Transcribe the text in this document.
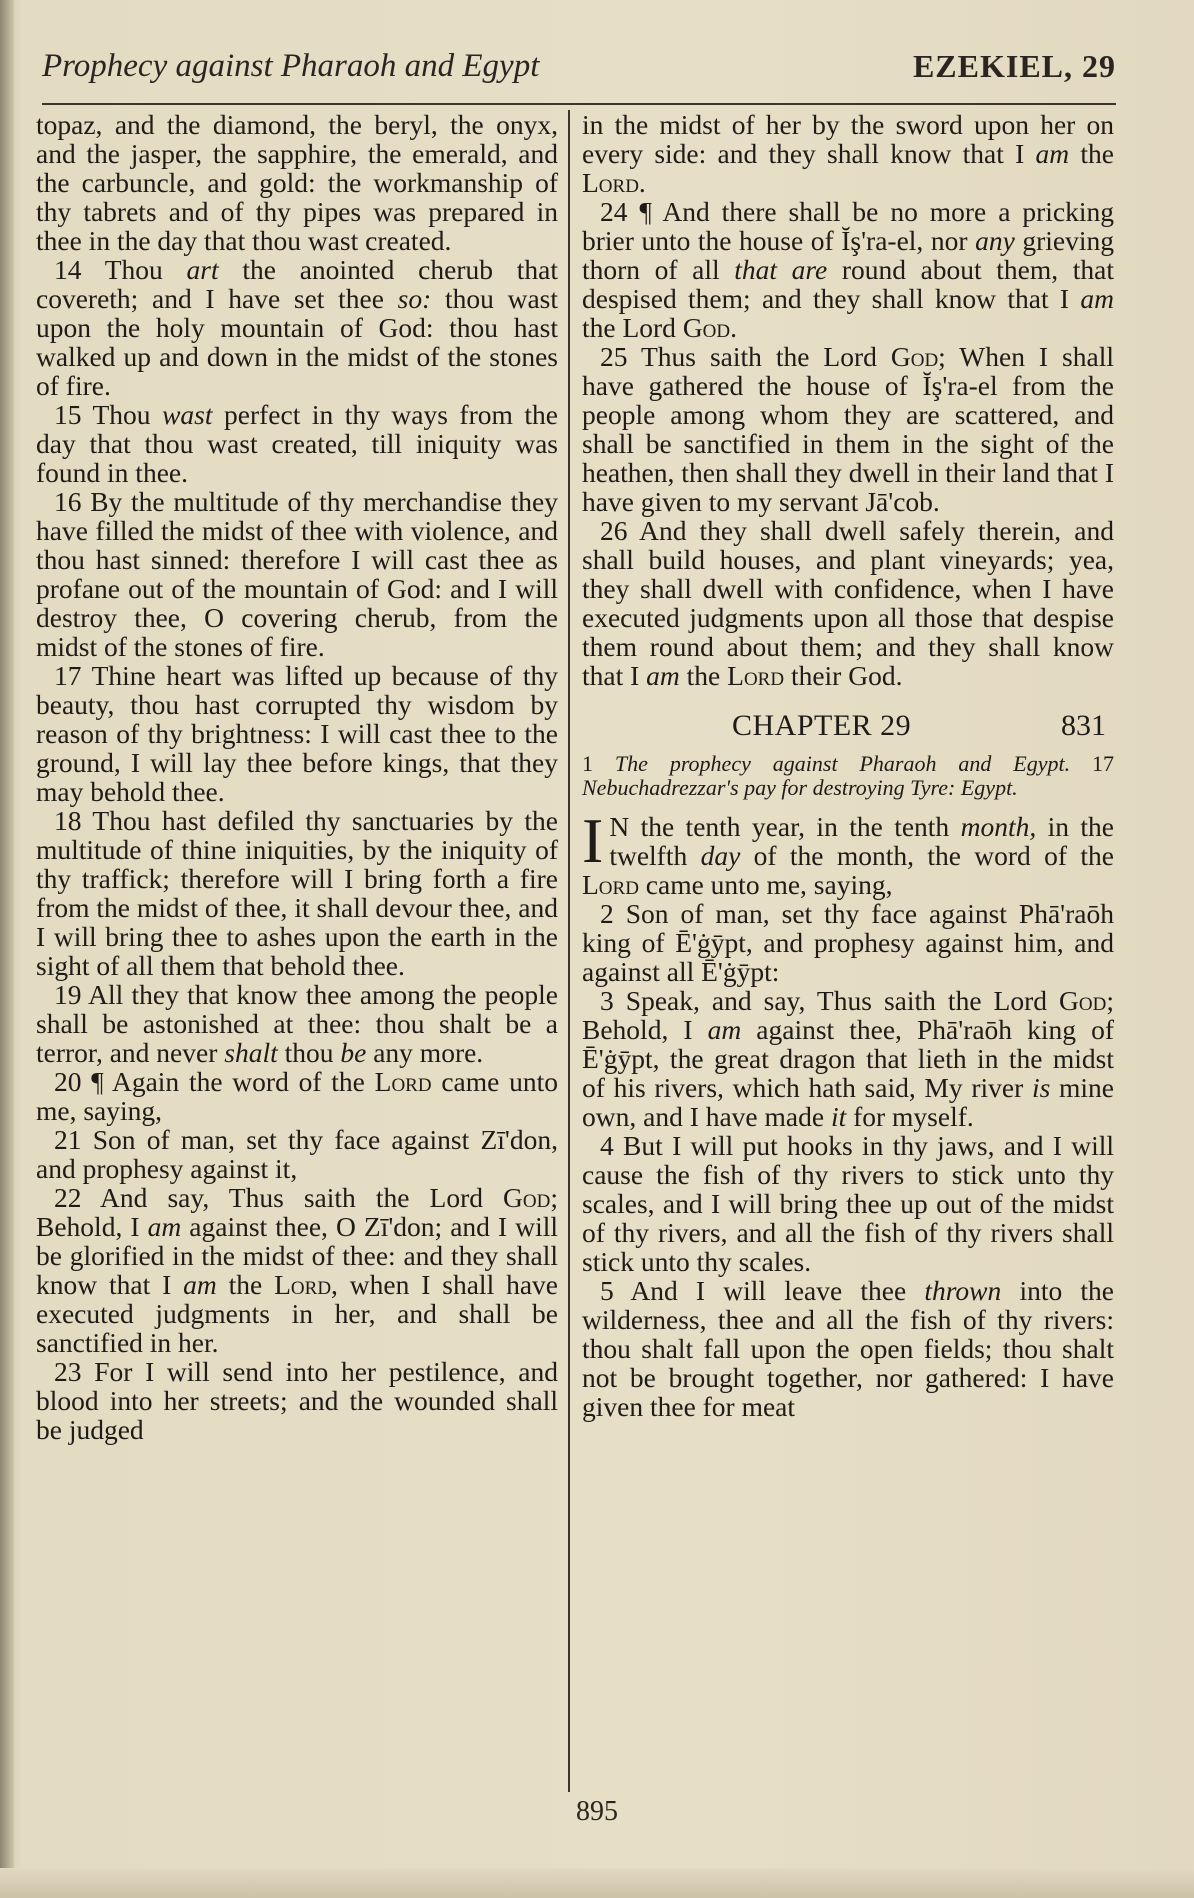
Prophecy against Pharaoh and Egypt	EZEKIEL, 29

topaz, and the diamond, the beryl, the onyx, and the jasper, the sapphire, the emerald, and the carbuncle, and gold: the workmanship of thy tabrets and of thy pipes was prepared in thee in the day that thou wast created.

14 Thou art the anointed cherub that covereth; and I have set thee so: thou wast upon the holy mountain of God: thou hast walked up and down in the midst of the stones of fire.

15 Thou wast perfect in thy ways from the day that thou wast created, till iniquity was found in thee.

16 By the multitude of thy merchandise they have filled the midst of thee with violence, and thou hast sinned: therefore I will cast thee as profane out of the mountain of God: and I will destroy thee, O covering cherub, from the midst of the stones of fire.

17 Thine heart was lifted up because of thy beauty, thou hast corrupted thy wisdom by reason of thy brightness: I will cast thee to the ground, I will lay thee before kings, that they may behold thee.

18 Thou hast defiled thy sanctuaries by the multitude of thine iniquities, by the iniquity of thy traffick; therefore will I bring forth a fire from the midst of thee, it shall devour thee, and I will bring thee to ashes upon the earth in the sight of all them that behold thee.

19 All they that know thee among the people shall be astonished at thee: thou shalt be a terror, and never shalt thou be any more.

20 ¶ Again the word of the Lord came unto me, saying,

21 Son of man, set thy face against Zī'don, and prophesy against it,

22 And say, Thus saith the Lord God; Behold, I am against thee, O Zī'don; and I will be glorified in the midst of thee: and they shall know that I am the Lord, when I shall have executed judgments in her, and shall be sanctified in her.

23 For I will send into her pestilence, and blood into her streets; and the wounded shall be judged

in the midst of her by the sword upon her on every side: and they shall know that I am the Lord.

24 ¶ And there shall be no more a pricking brier unto the house of Ĭş'ra-el, nor any grieving thorn of all that are round about them, that despised them; and they shall know that I am the Lord God.

25 Thus saith the Lord God; When I shall have gathered the house of Ĭş'ra-el from the people among whom they are scattered, and shall be sanctified in them in the sight of the heathen, then shall they dwell in their land that I have given to my servant Jā'cob.

26 And they shall dwell safely therein, and shall build houses, and plant vineyards; yea, they shall dwell with confidence, when I have executed judgments upon all those that despise them round about them; and they shall know that I am the Lord their God.

CHAPTER 29	831

1 The prophecy against Pharaoh and Egypt. 17 Nebuchadrezzar's pay for destroying Tyre: Egypt.

I N the tenth year, in the tenth month, in the twelfth day of the month, the word of the Lord came unto me, saying,

2 Son of man, set thy face against Phā'raōh king of Ē'ġȳpt, and prophesy against him, and against all Ē'ġȳpt:

3 Speak, and say, Thus saith the Lord God; Behold, I am against thee, Phā'raōh king of Ē'ġȳpt, the great dragon that lieth in the midst of his rivers, which hath said, My river is mine own, and I have made it for myself.

4 But I will put hooks in thy jaws, and I will cause the fish of thy rivers to stick unto thy scales, and I will bring thee up out of the midst of thy rivers, and all the fish of thy rivers shall stick unto thy scales.

5 And I will leave thee thrown into the wilderness, thee and all the fish of thy rivers: thou shalt fall upon the open fields; thou shalt not be brought together, nor gathered: I have given thee for meat

895
